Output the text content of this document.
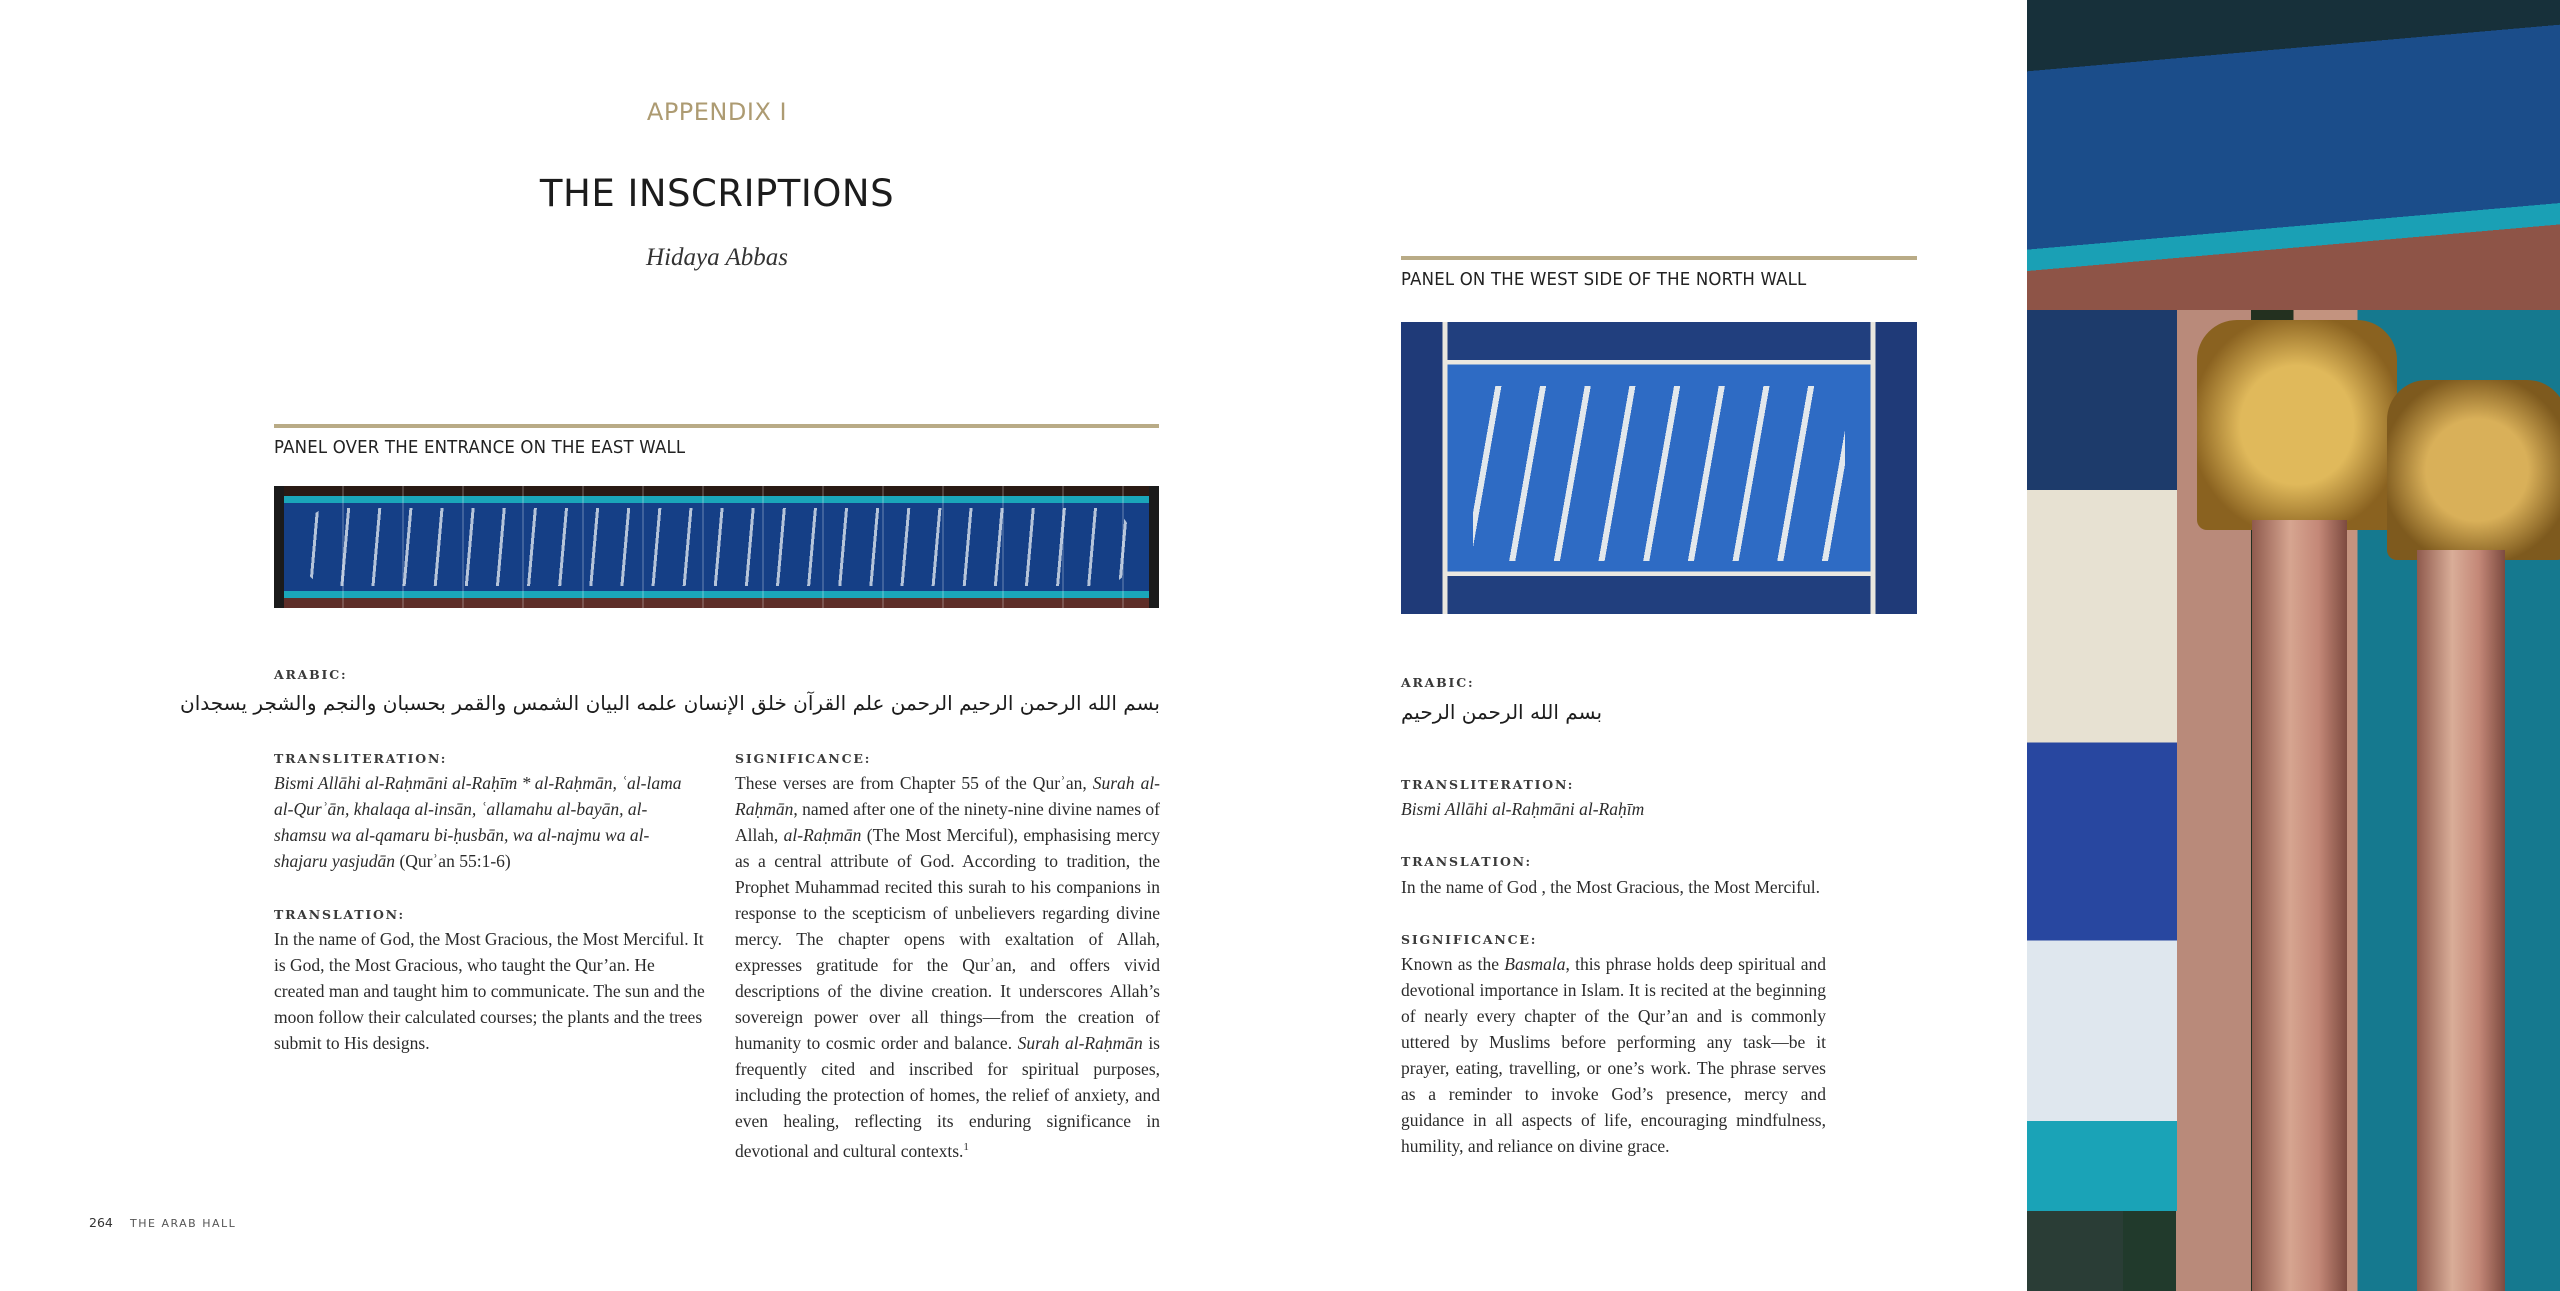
APPENDIX I
THE INSCRIPTIONS
Hidaya Abbas
PANEL OVER THE ENTRANCE ON THE EAST WALL
ARABIC:
بسم الله الرحمن الرحيم الرحمن علم القرآن خلق الإنسان علمه البيان الشمس والقمر بحسبان والنجم والشجر يسجدان
TRANSLITERATION:
Bismi Allāhi al-Raḥmāni al-Raḥīm * al-Raḥmān, ʿal-lama al-Qurʾān, khalaqa al-insān, ʿallamahu al-bayān, al-shamsu wa al-qamaru bi-ḥusbān, wa al-najmu wa al-shajaru yasjudān (Qurʾan 55:1-6)
TRANSLATION:
In the name of God, the Most Gracious, the Most Merciful. It is God, the Most Gracious, who taught the Qur’an. He created man and taught him to communicate. The sun and the moon follow their calculated courses; the plants and the trees submit to His designs.
SIGNIFICANCE:
These verses are from Chapter 55 of the Qurʾan, Surah al-Raḥmān, named after one of the ninety-nine divine names of Allah, al-Raḥmān (The Most Merciful), emphasising mercy as a central attribute of God. According to tradition, the Prophet Muhammad recited this surah to his companions in response to the scepticism of unbelievers regarding divine mercy. The chapter opens with exaltation of Allah, expresses gratitude for the Qurʾan, and offers vivid descriptions of the divine creation. It underscores Allah’s sovereign power over all things—from the creation of humanity to cosmic order and balance. Surah al-Raḥmān is frequently cited and inscribed for spiritual purposes, including the protection of homes, the relief of anxiety, and even healing, reflecting its enduring significance in devotional and cultural contexts.$^1$
PANEL ON THE WEST SIDE OF THE NORTH WALL
ARABIC:
بسم الله الرحمن الرحيم
TRANSLITERATION:
Bismi Allāhi al-Raḥmāni al-Raḥīm
TRANSLATION:
In the name of God , the Most Gracious, the Most Merciful.
SIGNIFICANCE:
Known as the Basmala, this phrase holds deep spiritual and devotional importance in Islam. It is recited at the beginning of nearly every chapter of the Qur’an and is commonly uttered by Muslims before performing any task—be it prayer, eating, travelling, or one’s work. The phrase serves as a reminder to invoke God’s presence, mercy and guidance in all aspects of life, encouraging mindfulness, humility, and reliance on divine grace.
264 THE ARAB HALL
